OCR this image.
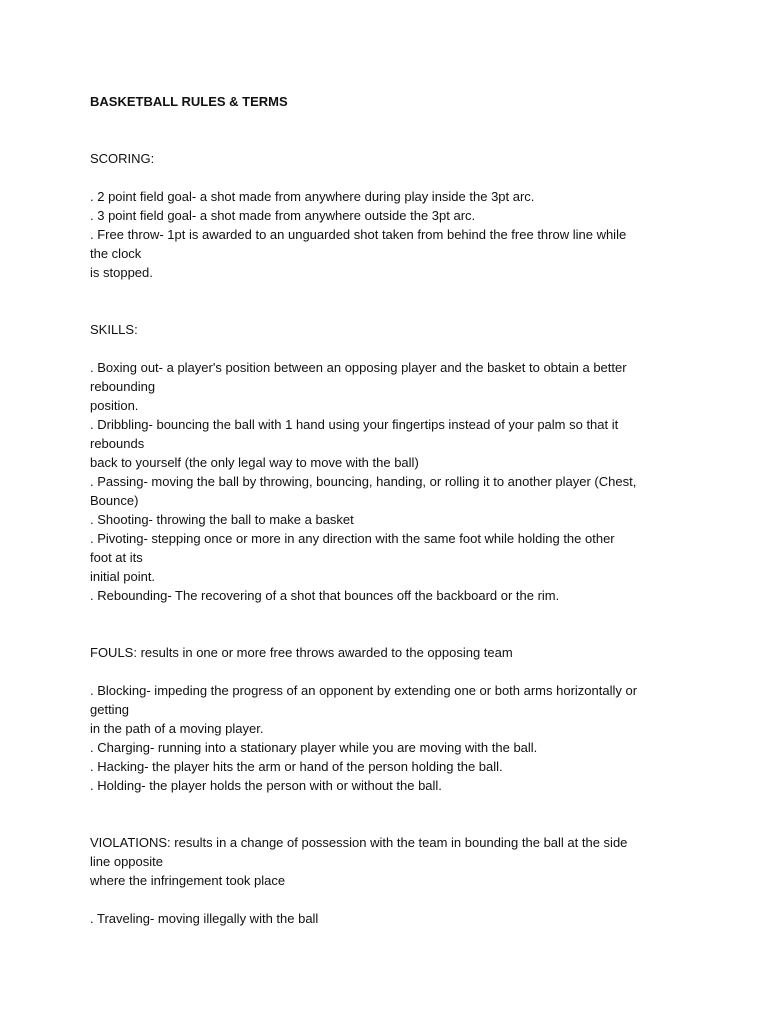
BASKETBALL RULES & TERMS
SCORING:
. 2 point field goal- a shot made from anywhere during play inside the 3pt arc.
. 3 point field goal- a shot made from anywhere outside the 3pt arc.
. Free throw- 1pt is awarded to an unguarded shot taken from behind the free throw line while
the clock
is stopped.
SKILLS:
. Boxing out- a player's position between an opposing player and the basket to obtain a better
rebounding
position.
. Dribbling- bouncing the ball with 1 hand using your fingertips instead of your palm so that it
rebounds
back to yourself (the only legal way to move with the ball)
. Passing- moving the ball by throwing, bouncing, handing, or rolling it to another player (Chest,
Bounce)
. Shooting- throwing the ball to make a basket
. Pivoting- stepping once or more in any direction with the same foot while holding the other
foot at its
initial point.
. Rebounding- The recovering of a shot that bounces off the backboard or the rim.
FOULS: results in one or more free throws awarded to the opposing team
. Blocking- impeding the progress of an opponent by extending one or both arms horizontally or
getting
in the path of a moving player.
. Charging- running into a stationary player while you are moving with the ball.
. Hacking- the player hits the arm or hand of the person holding the ball.
. Holding- the player holds the person with or without the ball.
VIOLATIONS: results in a change of possession with the team in bounding the ball at the side
line opposite
where the infringement took place
. Traveling- moving illegally with the ball
